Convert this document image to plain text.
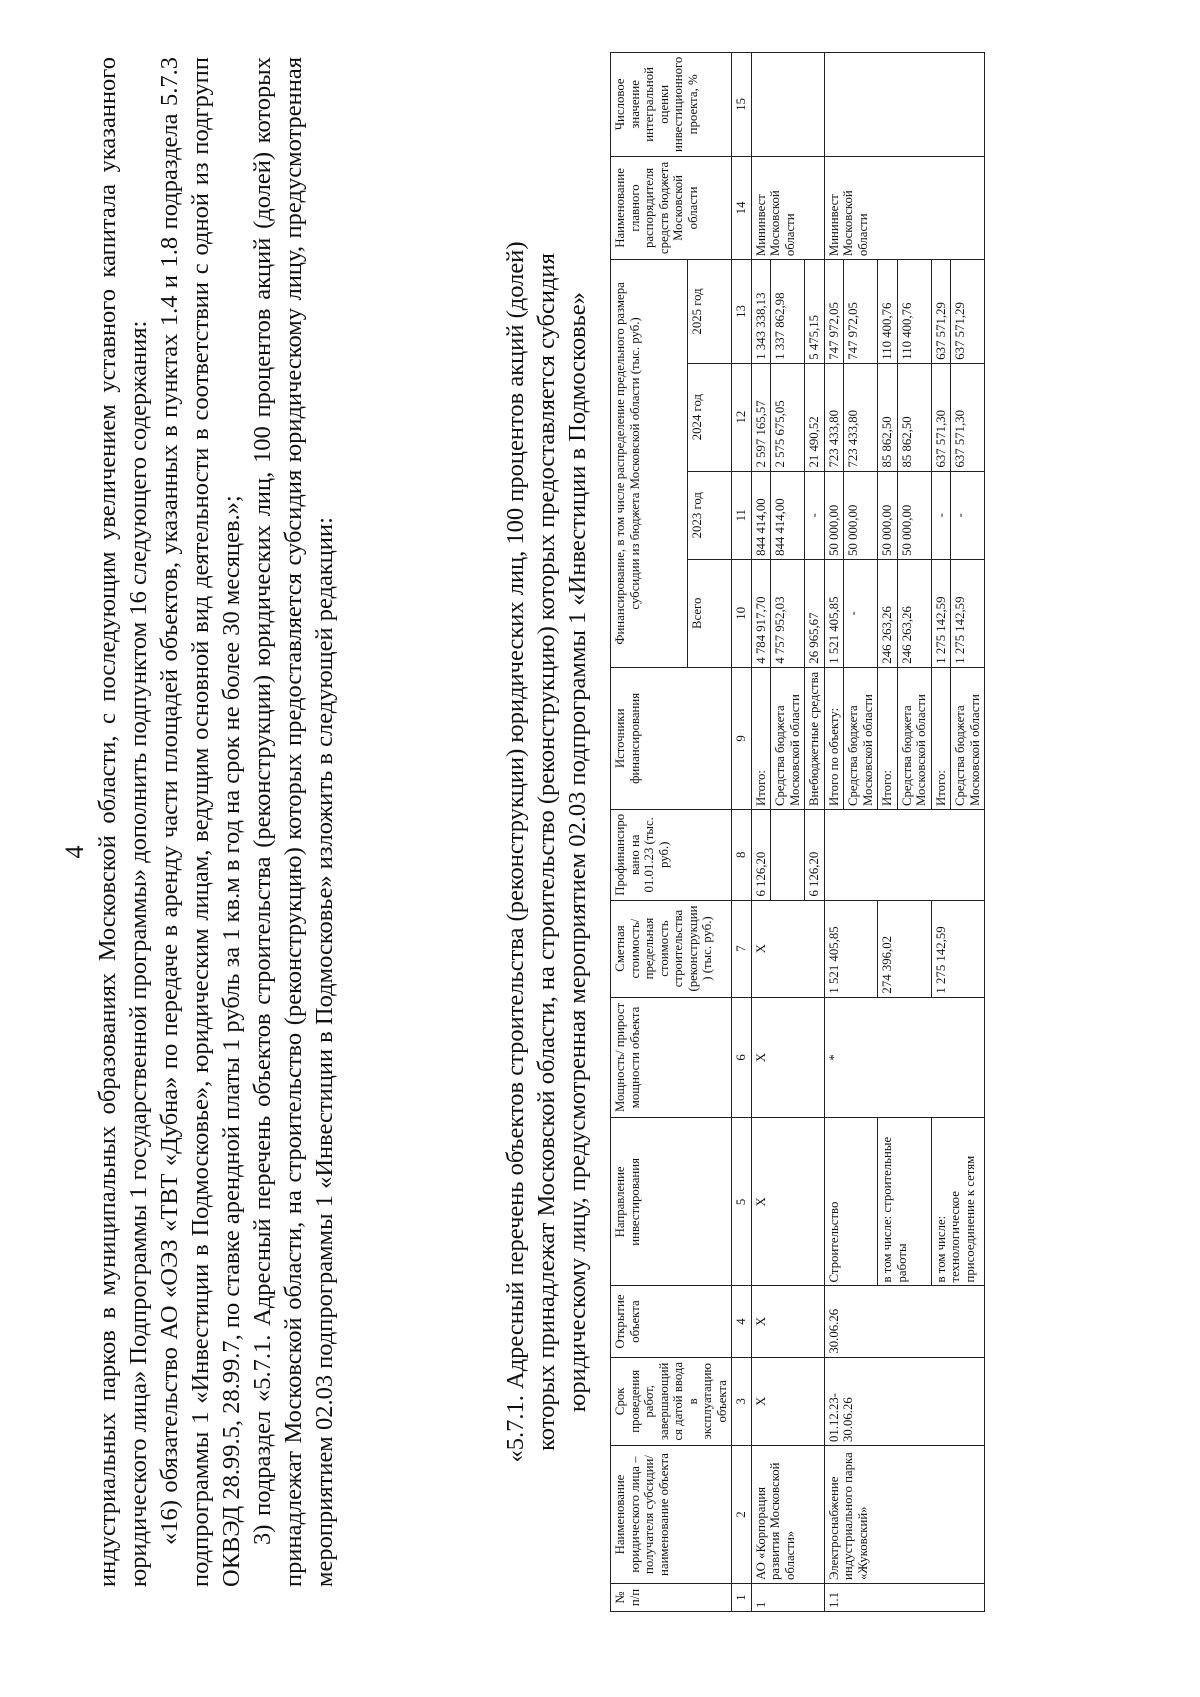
4 индустриальных парков в муниципальных образованиях Московской области, с последующим увеличением уставного капитала указанного юридического лица» Подпрограммы 1 государственной программы» дополнить подпунктом 16 следующего содержания: «16) обязательство АО «ОЭЗ «ТВТ «Дубна» по передаче в аренду части площадей объектов, указанных в пунктах 1.4 и 1.8 подраздела 5.7.3 подпрограммы 1 «Инвестиции в Подмосковье», юридическим лицам, ведущим основной вид деятельности в соответствии с одной из подгрупп ОКВЭД 28.99.5, 28.99.7, по ставке арендной платы 1 рубль за 1 кв.м в год на срок не более 30 месяцев.»; 3) подраздел «5.7.1. Адресный перечень объектов строительства (реконструкции) юридических лиц, 100 процентов акций (долей) которых принадлежат Московской области, на строительство (реконструкцию) которых предоставляется субсидия юридическому лицу, предусмотренная мероприятием 02.03 подпрограммы 1 «Инвестиции в Подмосковье» изложить в следующей редакции:	«5.7.1. Адресный перечень объектов строительства (реконструкции) юридических лиц, 100 процентов акций (долей) которых принадлежат Московской области, на строительство (реконструкцию) которых предоставляется субсидия юридическому лицу, предусмотренная мероприятием 02.03 подпрограммы 1 «Инвестиции в Подмосковье»

№ п/п	Наименование юридического лица – получателя субсидии/ наименование объекта	Срок проведения работ, завершающийся датой ввода в эксплуатацию объекта	Открытие объекта	Направление инвестирования	Мощность/ прирост мощности объекта	Сметная стоимость/ предельная стоимость строительства (реконструкции) (тыс. руб.)	Профинансировано на 01.01.23 (тыс. руб.)	Источники финансирования	Финансирование, в том числе распределение предельного размера субсидии из бюджета Московской области (тыс. руб.)				Наименование главного распорядителя средств бюджета Московской области	Числовое значение интегральной оценки инвестиционного проекта, %
									Всего	2023 год	2024 год	2025 год		
1	2	3	4	5	6	7	8	9	10	11	12	13	14	15
1	АО «Корпорация развития Московской области»	Х	Х	Х	Х	Х	6 126,20	Итого:	4 784 917,70	844 414,00	2 597 165,57	1 343 338,13	Мининвест Московской области	
								Средства бюджета Московской области	4 757 952,03	844 414,00	2 575 675,05	1 337 862,98		
							6 126,20	Внебюджетные средства	26 965,67	-	21 490,52	5 475,15		
1.1	Электроснабжение индустриального парка «Жуковский»	01.12.23-30.06.26	30.06.26	Строительство	*	1 521 405,85		Итого по объекту:	1 521 405,85	50 000,00	723 433,80	747 972,05	Мининвест Московской области	
								Средства бюджета Московской области	-	50 000,00	723 433,80	747 972,05		
				в том числе: строительные работы		274 396,02		Итого:	246 263,26	50 000,00	85 862,50	110 400,76		
								Средства бюджета Московской области	246 263,26	50 000,00	85 862,50	110 400,76		
				в том числе: технологическое присоединение к сетям		1 275 142,59		Итого:	1 275 142,59	-	637 571,30	637 571,29		
								Средства бюджета Московской области	1 275 142,59	-	637 571,30	637 571,29		
